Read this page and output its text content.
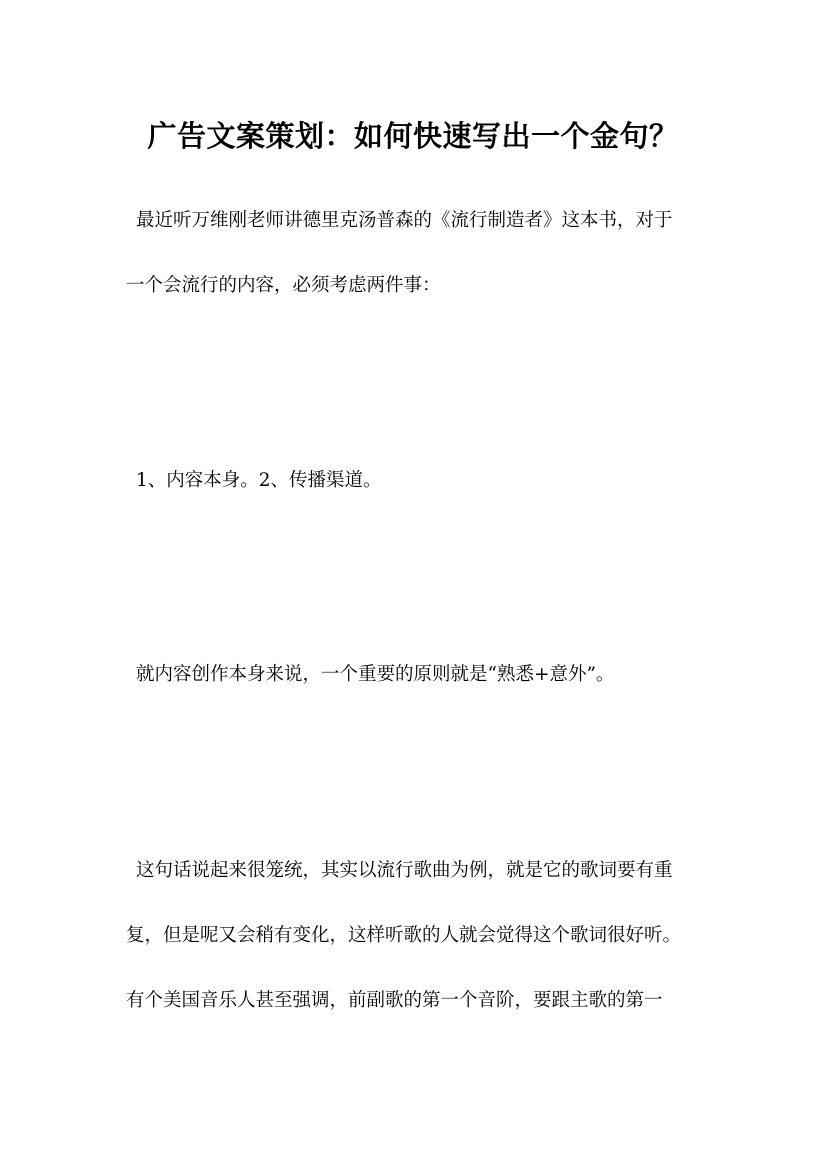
广告文案策划：如何快速写出一个金句？
最近听万维刚老师讲德里克汤普森的《流行制造者》这本书，对于
一个会流行的内容，必须考虑两件事：
1、内容本身。2、传播渠道。
就内容创作本身来说，一个重要的原则就是“熟悉+意外”。
这句话说起来很笼统，其实以流行歌曲为例，就是它的歌词要有重
复，但是呢又会稍有变化，这样听歌的人就会觉得这个歌词很好听。
有个美国音乐人甚至强调，前副歌的第一个音阶，要跟主歌的第一
